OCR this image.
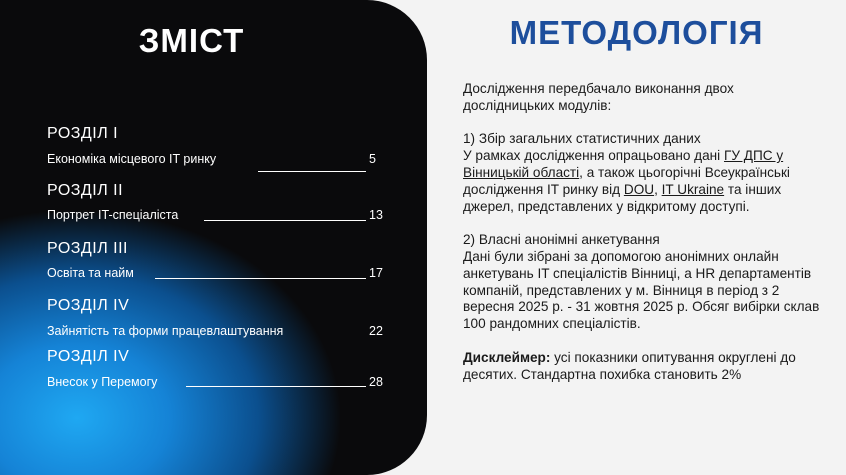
ЗМІСТ
РОЗДІЛ І
Економіка місцевого IT ринку	5
РОЗДІЛ ІІ
Портрет IT-спеціаліста	13
РОЗДІЛ ІІІ
Освіта та найм	17
РОЗДІЛ IV
Зайнятість та форми працевлаштування	22
РОЗДІЛ IV
Внесок у Перемогу	28
МЕТОДОЛОГІЯ

Дослідження передбачало виконання двох дослідницьких модулів:

1) Збір загальних статистичних даних

У рамках дослідження опрацьовано дані ГУ ДПС у Вінницькій області, а також цьогорічні Всеукраїнські дослідження IT ринку від DOU, IT Ukraine та інших джерел, представлених у відкритому доступі.

2) Власні анонімні анкетування

Дані були зібрані за допомогою анонімних онлайн анкетувань IT спеціалістів Вінниці, а HR департаментів компаній, представлених у м. Вінниця в період з 2 вересня 2025 р. - 31 жовтня 2025 р. Обсяг вибірки склав 100 рандомних спеціалістів.

Дисклеймер: усі показники опитування округлені до десятих. Стандартна похибка становить 2%
